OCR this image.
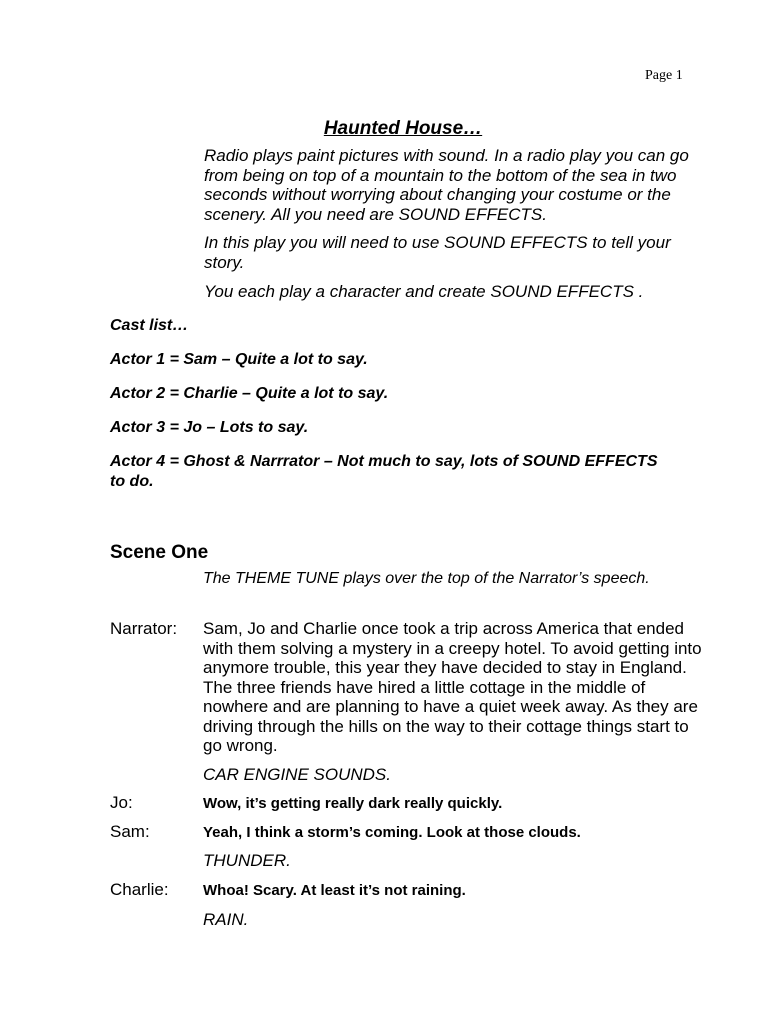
Page 1
Haunted House…

Radio plays paint pictures with sound. In a radio play you can go from being on top of a mountain to the bottom of the sea in two seconds without worrying about changing your costume or the scenery. All you need are SOUND EFFECTS.

In this play you will need to use SOUND EFFECTS to tell your story.

You each play a character and create SOUND EFFECTS .

Cast list…

Actor 1 = Sam – Quite a lot to say.

Actor 2 = Charlie – Quite a lot to say.

Actor 3 = Jo – Lots to say.

Actor 4 = Ghost & Narrrator – Not much to say, lots of SOUND EFFECTS to do.

Scene One

The THEME TUNE plays over the top of the Narrator’s speech.

Narrator: Sam, Jo and Charlie once took a trip across America that ended with them solving a mystery in a creepy hotel. To avoid getting into anymore trouble, this year they have decided to stay in England. The three friends have hired a little cottage in the middle of nowhere and are planning to have a quiet week away. As they are driving through the hills on the way to their cottage things start to go wrong.

CAR ENGINE SOUNDS.

Jo:	Wow, it’s getting really dark really quickly.
Sam:	Yeah, I think a storm’s coming. Look at those clouds.

THUNDER.

Charlie: Whoa! Scary. At least it’s not raining.

RAIN.
